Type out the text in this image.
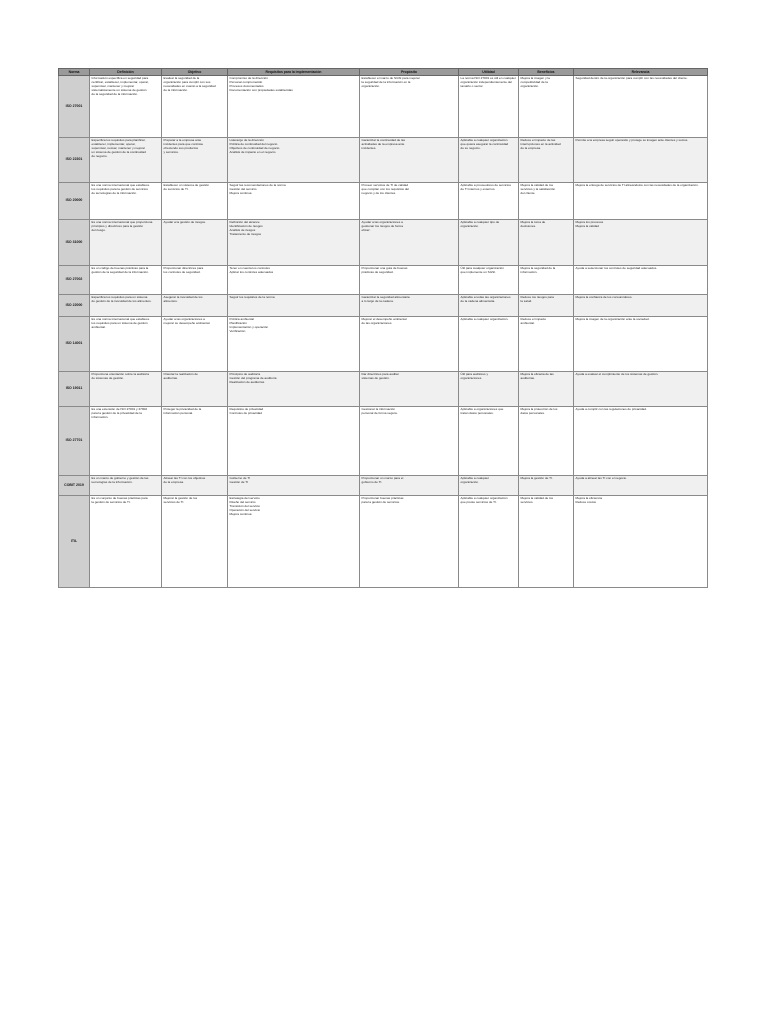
Norma	Definición	Objetivo	Requisitos para la implementación	Propósito	Utilidad	Beneficios	Relevancia
ISO 27001	Información específica en seguridad para
certificar, establecer, implementar, operar,
supervisar, mantener y mejorar
sistemáticamente un sistema de gestión
de la seguridad de la información.	Evaluar la seguridad de la
organización para cumplir con sus
necesidades en cuanto a la seguridad
de la información.	Compromiso de la dirección
Personal comprometido
Procesos documentados
Documentación con propiedades establecidas	Establecer el marco de SGSI para mejorar
la seguridad de la información en la
organización.	La norma ISO 27001 es útil en cualquier
organización independientemente del
tamaño o sector.	Mejora la imagen y la
competitividad de la
organización.	Seguridad dentro de la organización para cumplir con las necesidades del cliente.

ISO 22301	Especifica los requisitos para planificar,
establecer, implementar, operar,
supervisar, revisar, mantener y mejorar
un sistema de gestión de la continuidad
de negocio.	Preparar a la empresa ante
incidentes para que continúe
ofreciendo sus productos
y servicios.	Liderazgo de la dirección
Política de continuidad del negocio
Objetivos de continuidad de negocio
Análisis de impacto en el negocio	Garantizar la continuidad de las
actividades de la empresa ante
incidentes.	Aplicable a cualquier organización
que quiera asegurar la continuidad
de su negocio.	Reduce el impacto de las
interrupciones en la actividad
de la empresa.	Permite a la empresa seguir operando y protege su imagen ante clientes y socios.

ISO 20000	Es una norma internacional que establece
los requisitos para la gestión de servicios
de tecnologías de la información.	Establecer un sistema de gestión
de servicios de TI.	Seguir las recomendaciones de la norma
Gestión del servicio
Mejora continua	Proveer servicios de TI de calidad
que cumplan con los requisitos del
negocio y de los clientes.	Aplicable a proveedores de servicios
de TI internos y externos.	Mejora la calidad de los
servicios y la satisfacción
del cliente.	Mejora la entrega de servicios de TI alineándolos con las necesidades de la organización.

ISO 31000	Es una norma internacional que proporciona
principios y directrices para la gestión
del riesgo.	Ayudar a la gestión de riesgos.	Definición del alcance
Identificación de riesgos
Análisis de riesgos
Tratamiento de riesgos	Ayudar a las organizaciones a
gestionar los riesgos de forma
eficaz.	Aplicable a cualquier tipo de
organización.	Mejora la toma de
decisiones.	Mejora los procesos
Mejora la calidad

ISO 27002	Es un código de buenas prácticas para la
gestión de la seguridad de la información.	Proporcionar directrices para
los controles de seguridad.	Tener en cuenta los controles
Aplicar los controles adecuados	Proporcionar una guía de buenas
prácticas de seguridad.	Útil para cualquier organización
que implemente un SGSI.	Mejora la seguridad de la
información.	Ayuda a seleccionar los controles de seguridad adecuados.

ISO 22000	Especifica los requisitos para un sistema
de gestión de la inocuidad de los alimentos.	Asegurar la inocuidad de los
alimentos.	Seguir los requisitos de la norma	Garantizar la seguridad alimentaria
a lo largo de la cadena.	Aplicable a todas las organizaciones
de la cadena alimentaria.	Reduce los riesgos para
la salud.	Mejora la confianza de los consumidores.

ISO 14001	Es una norma internacional que establece
los requisitos para un sistema de gestión
ambiental.	Ayudar a las organizaciones a
mejorar su desempeño ambiental.	Política ambiental
Planificación
Implementación y operación
Verificación	Mejorar el desempeño ambiental
de las organizaciones.	Aplicable a cualquier organización.	Reduce el impacto
ambiental.	Mejora la imagen de la organización ante la sociedad.

ISO 19011	Proporciona orientación sobre la auditoría
de sistemas de gestión.	Orientar la realización de
auditorías.	Principios de auditoría
Gestión del programa de auditoría
Realización de auditorías	Dar directrices para auditar
sistemas de gestión.	Útil para auditores y
organizaciones.	Mejora la eficacia de las
auditorías.	Ayuda a evaluar el cumplimiento de los sistemas de gestión.

ISO 27701	Es una extensión de ISO 27001 y 27002
para la gestión de la privacidad de la
información.	Proteger la privacidad de la
información personal.	Requisitos de privacidad
Controles de privacidad	Gestionar la información
personal de forma segura.	Aplicable a organizaciones que
tratan datos personales.	Mejora la protección de los
datos personales.	Ayuda a cumplir con las regulaciones de privacidad.

COBIT 2019	Es un marco de gobierno y gestión de las
tecnologías de la información.	Alinear las TI con los objetivos
de la empresa.	Gobierno de TI
Gestión de TI	Proporcionar un marco para el
gobierno de TI.	Aplicable a cualquier
organización.	Mejora la gestión de TI.	Ayuda a alinear las TI con el negocio.

ITIL	Es un conjunto de buenas prácticas para
la gestión de servicios de TI.	Mejorar la gestión de los
servicios de TI.	Estrategia del servicio
Diseño del servicio
Transición del servicio
Operación del servicio
Mejora continua	Proporcionar buenas prácticas
para la gestión de servicios.	Aplicable a cualquier organización
que preste servicios de TI.	Mejora la calidad de los
servicios.	Mejora la eficiencia
Reduce costos
